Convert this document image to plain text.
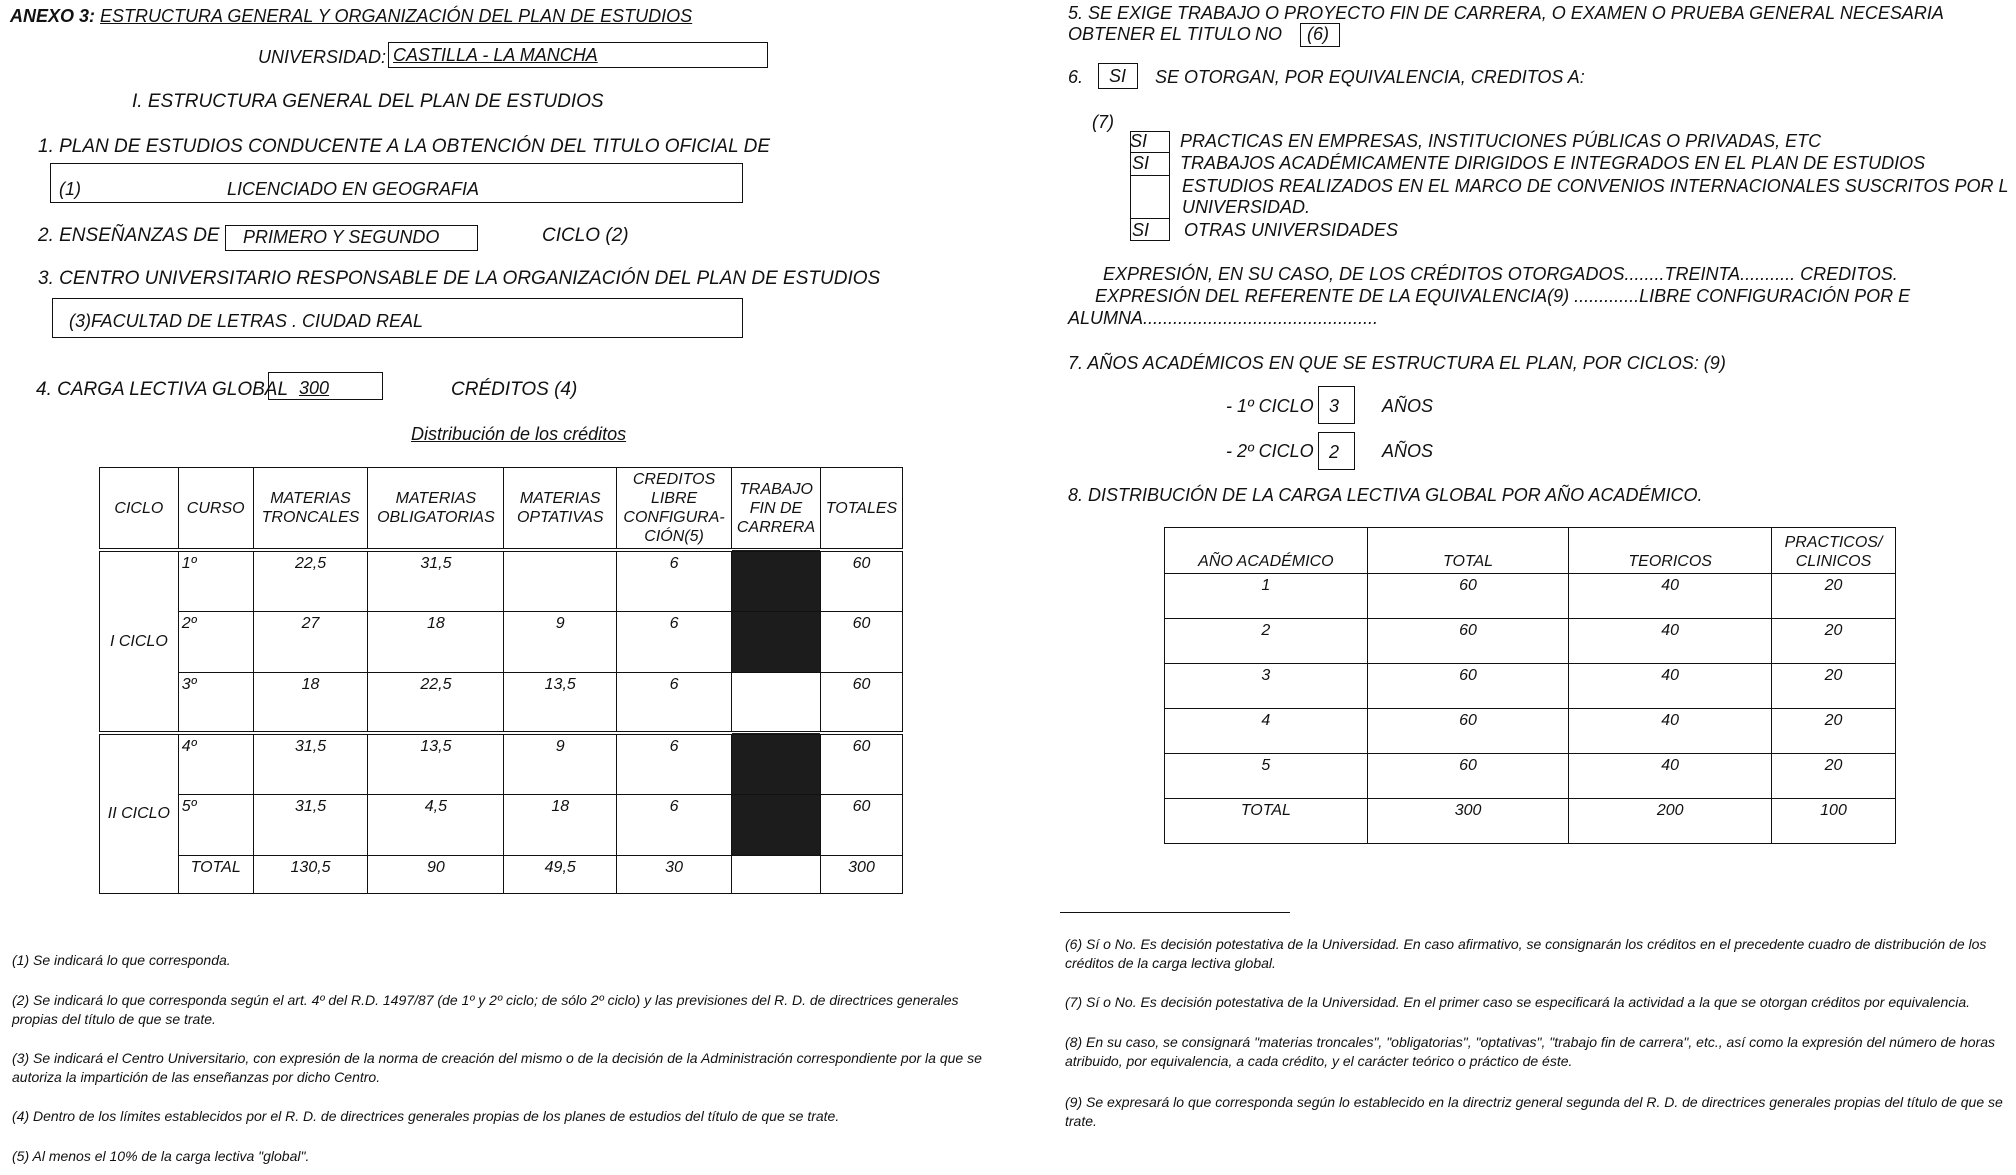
ANEXO 3: ESTRUCTURA GENERAL Y ORGANIZACIÓN DEL PLAN DE ESTUDIOS
UNIVERSIDAD: CASTILLA - LA MANCHA
I. ESTRUCTURA GENERAL DEL PLAN DE ESTUDIOS
1. PLAN DE ESTUDIOS CONDUCENTE A LA OBTENCIÓN DEL TITULO OFICIAL DE
(1)	LICENCIADO EN GEOGRAFIA
2. ENSEÑANZAS DE PRIMERO Y SEGUNDO	CICLO (2)
3. CENTRO UNIVERSITARIO RESPONSABLE DE LA ORGANIZACIÓN DEL PLAN DE ESTUDIOS
(3)FACULTAD DE LETRAS . CIUDAD REAL
4. CARGA LECTIVA GLOBAL 300	CRÉDITOS (4)
Distribución de los créditos
CICLO	CURSO	MATERIAS TRONCALES	MATERIAS OBLIGATORIAS	MATERIAS OPTATIVAS	CREDITOS LIBRE CONFIGURA-CIÓN(5)	TRABAJO FIN DE CARRERA	TOTALES
I CICLO	1º	22,5	31,5		6		60
	2º	27	18	9	6		60
	3º	18	22,5	13,5	6		60
II CICLO	4º	31,5	13,5	9	6		60
	5º	31,5	4,5	18	6		60
	TOTAL	130,5	90	49,5	30		300
(1) Se indicará lo que corresponda.
(2) Se indicará lo que corresponda según el art. 4º del R.D. 1497/87 (de 1º y 2º ciclo; de sólo 2º ciclo) y las previsiones del R. D. de directrices generales propias del título de que se trate.
(3) Se indicará el Centro Universitario, con expresión de la norma de creación del mismo o de la decisión de la Administración correspondiente por la que se autoriza la impartición de las enseñanzas por dicho Centro.
(4) Dentro de los límites establecidos por el R. D. de directrices generales propias de los planes de estudios del título de que se trate.
(5) Al menos el 10% de la carga lectiva "global".
5. SE EXIGE TRABAJO O PROYECTO FIN DE CARRERA, O EXAMEN O PRUEBA GENERAL NECESARIA
OBTENER EL TITULO NO (6)
6. SI SE OTORGAN, POR EQUIVALENCIA, CREDITOS A:
(7)
SI PRACTICAS EN EMPRESAS, INSTITUCIONES PÚBLICAS O PRIVADAS, ETC
SI TRABAJOS ACADÉMICAMENTE DIRIGIDOS E INTEGRADOS EN EL PLAN DE ESTUDIOS
ESTUDIOS REALIZADOS EN EL MARCO DE CONVENIOS INTERNACIONALES SUSCRITOS POR L
UNIVERSIDAD.
SI OTRAS UNIVERSIDADES
EXPRESIÓN, EN SU CASO, DE LOS CRÉDITOS OTORGADOS........TREINTA........... CREDITOS.
EXPRESIÓN DEL REFERENTE DE LA EQUIVALENCIA(9) .............LIBRE CONFIGURACIÓN POR E
ALUMNA...............................................
7. AÑOS ACADÉMICOS EN QUE SE ESTRUCTURA EL PLAN, POR CICLOS: (9)
- 1º CICLO 3 AÑOS
- 2º CICLO 2 AÑOS
8. DISTRIBUCIÓN DE LA CARGA LECTIVA GLOBAL POR AÑO ACADÉMICO.
AÑO ACADÉMICO	TOTAL	TEORICOS	PRACTICOS/ CLINICOS
1	60	40	20
2	60	40	20
3	60	40	20
4	60	40	20
5	60	40	20
TOTAL	300	200	100
(6) Sí o No. Es decisión potestativa de la Universidad. En caso afirmativo, se consignarán los créditos en el precedente cuadro de distribución de los créditos de la carga lectiva global.
(7) Sí o No. Es decisión potestativa de la Universidad. En el primer caso se especificará la actividad a la que se otorgan créditos por equivalencia.
(8) En su caso, se consignará "materias troncales", "obligatorias", "optativas", "trabajo fin de carrera", etc., así como la expresión del número de horas atribuido, por equivalencia, a cada crédito, y el carácter teórico o práctico de éste.
(9) Se expresará lo que corresponda según lo establecido en la directriz general segunda del R. D. de directrices generales propias del título de que se trate.
